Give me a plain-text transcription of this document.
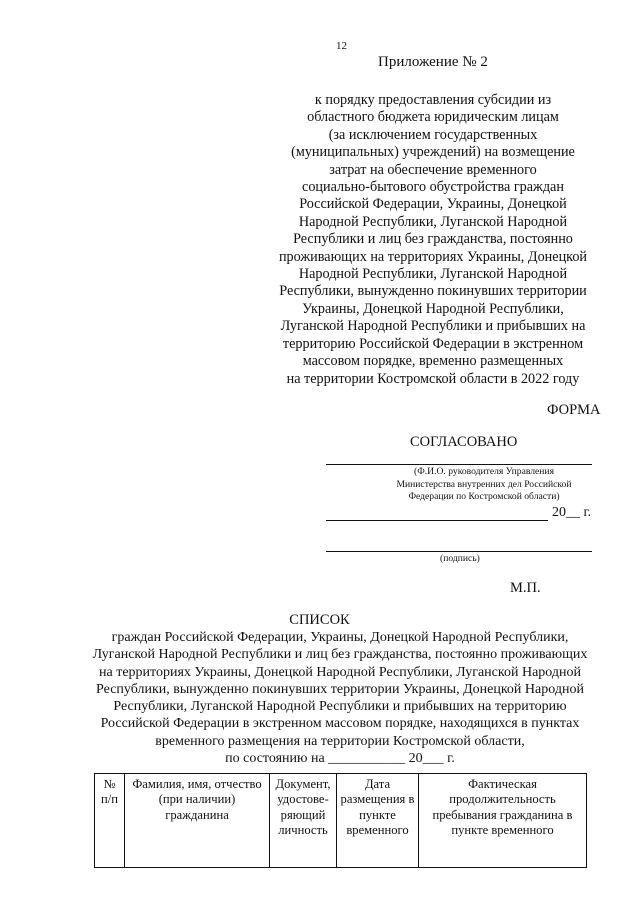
12
Приложение № 2
к порядку предоставления субсидии из
областного бюджета юридическим лицам
(за исключением государственных
(муниципальных) учреждений) на возмещение
затрат на обеспечение временного
социально-бытового обустройства граждан
Российской Федерации, Украины, Донецкой
Народной Республики, Луганской Народной
Республики и лиц без гражданства, постоянно
проживающих на территориях Украины, Донецкой
Народной Республики, Луганской Народной
Республики, вынужденно покинувших территории
Украины, Донецкой Народной Республики,
Луганской Народной Республики и прибывших на
территорию Российской Федерации в экстренном
массовом порядке, временно размещенных
на территории Костромской области в 2022 году
ФОРМА
СОГЛАСОВАНО
(Ф.И.О. руководителя Управления
Министерства внутренних дел Российской
Федерации по Костромской области)
20__ г.
(подпись)
М.П.
СПИСОК
граждан Российской Федерации, Украины, Донецкой Народной Республики,
Луганской Народной Республики и лиц без гражданства, постоянно проживающих
на территориях Украины, Донецкой Народной Республики, Луганской Народной
Республики, вынужденно покинувших территории Украины, Донецкой Народной
Республики, Луганской Народной Республики и прибывших на территорию
Российской Федерации в экстренном массовом порядке, находящихся в пунктах
временного размещения на территории Костромской области,
по состоянию на ___________ 20___ г.
№
п/п

Фамилия, имя, отчество
(при наличии)
гражданина

Документ,
удостове-
ряющий
личность

Дата
размещения в
пункте
временного

Фактическая
продолжительность
пребывания гражданина в
пункте временного
